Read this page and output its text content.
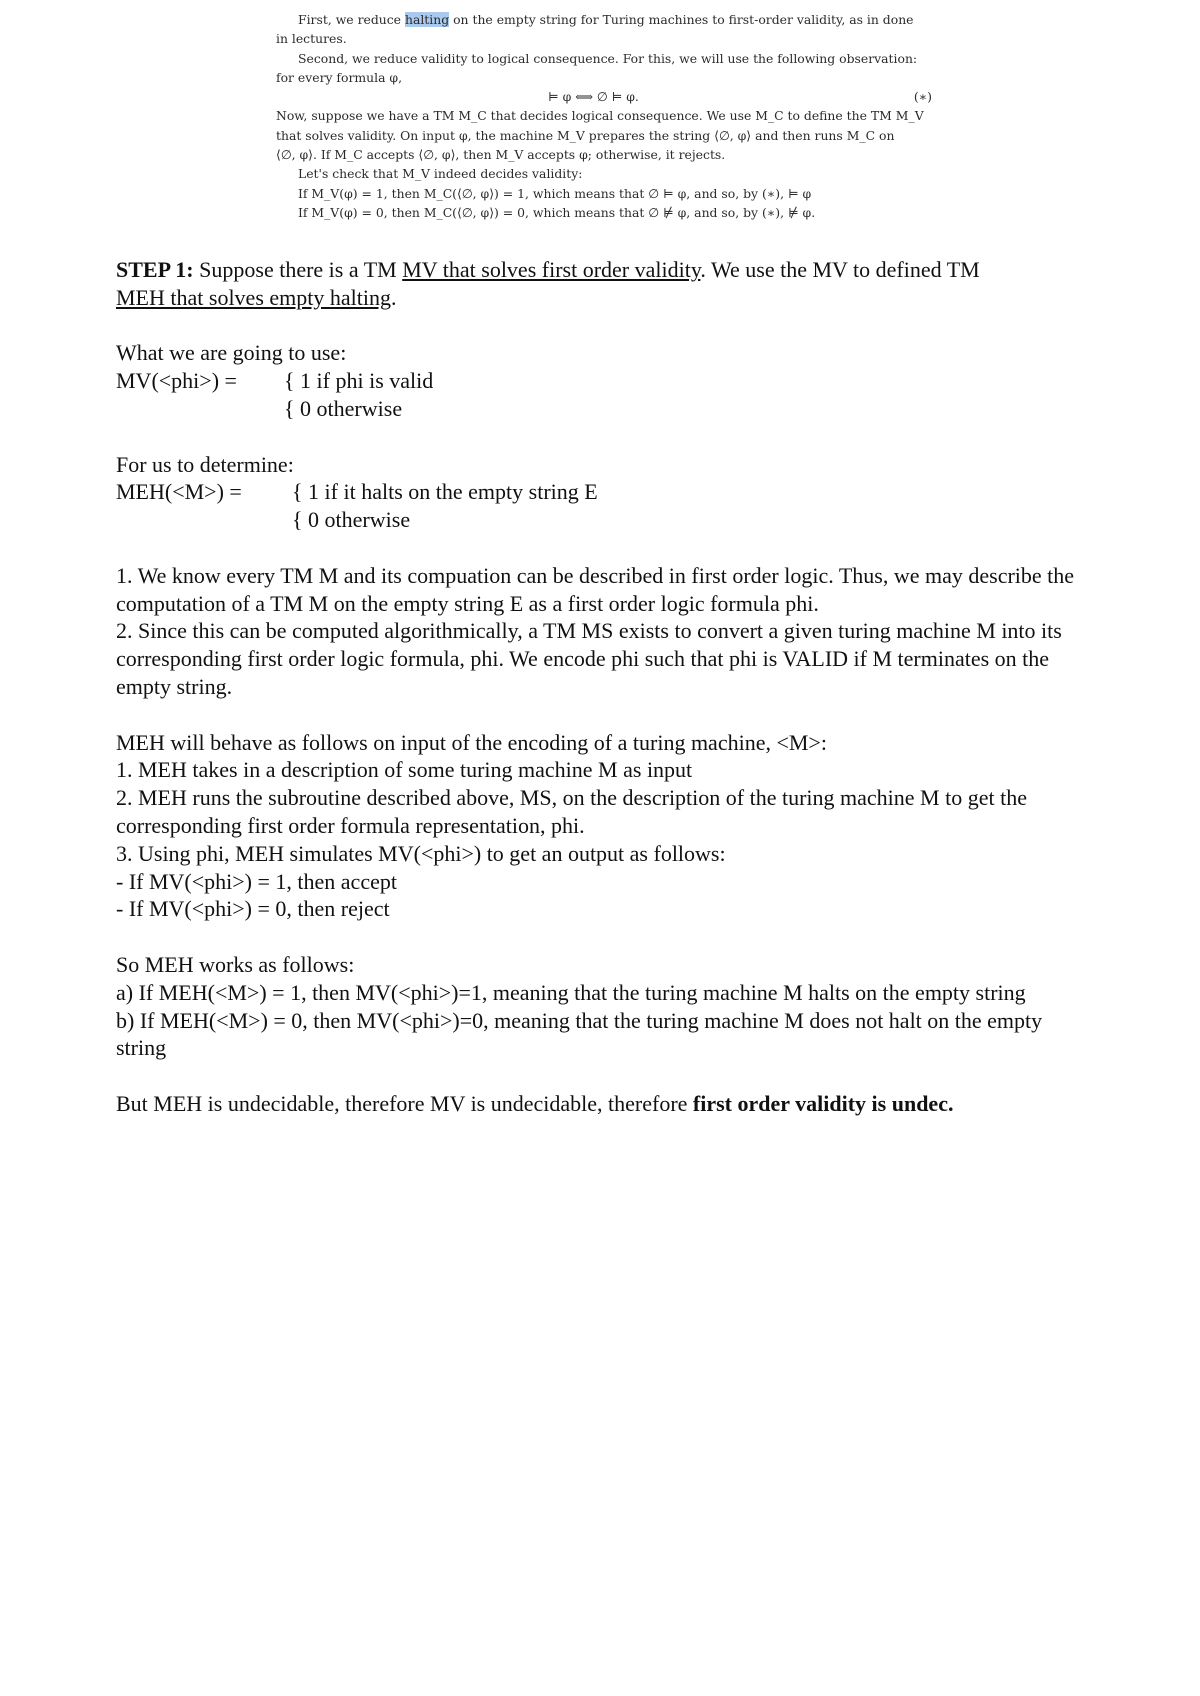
First, we reduce halting on the empty string for Turing machines to first-order validity, as in done
in lectures.
Second, we reduce validity to logical consequence. For this, we will use the following observation:
for every formula φ,
⊨ φ ⟺ ∅ ⊨ φ.	(∗)
Now, suppose we have a TM M_C that decides logical consequence. We use M_C to define the TM M_V
that solves validity. On input φ, the machine M_V prepares the string ⟨∅, φ⟩ and then runs M_C on
⟨∅, φ⟩. If M_C accepts ⟨∅, φ⟩, then M_V accepts φ; otherwise, it rejects.
Let's check that M_V indeed decides validity:
If M_V(φ) = 1, then M_C(⟨∅, φ⟩) = 1, which means that ∅ ⊨ φ, and so, by (∗), ⊨ φ
If M_V(φ) = 0, then M_C(⟨∅, φ⟩) = 0, which means that ∅ ⊭ φ, and so, by (∗), ⊭ φ.

STEP 1: Suppose there is a TM MV that solves first order validity. We use the MV to defined TM
MEH that solves empty halting.

What we are going to use:

MV(<phi>) =	{ 1 if phi is valid

{ 0 otherwise

For us to determine:

MEH(<M>) =	{ 1 if it halts on the empty string E

{ 0 otherwise

1. We know every TM M and its compuation can be described in first order logic. Thus, we may describe the computation of a TM M on the empty string E as a first order logic formula phi.

2. Since this can be computed algorithmically, a TM MS exists to convert a given turing machine M into its corresponding first order logic formula, phi. We encode phi such that phi is VALID if M terminates on the empty string.

MEH will behave as follows on input of the encoding of a turing machine, <M>:

1. MEH takes in a description of some turing machine M as input

2. MEH runs the subroutine described above, MS, on the description of the turing machine M to get the corresponding first order formula representation, phi.

3. Using phi, MEH simulates MV(<phi>) to get an output as follows:

- If MV(<phi>) = 1, then accept

- If MV(<phi>) = 0, then reject

So MEH works as follows:

a) If MEH(<M>) = 1, then MV(<phi>)=1, meaning that the turing machine M halts on the empty string

b) If MEH(<M>) = 0, then MV(<phi>)=0, meaning that the turing machine M does not halt on the empty string

But MEH is undecidable, therefore MV is undecidable, therefore first order validity is undec.
